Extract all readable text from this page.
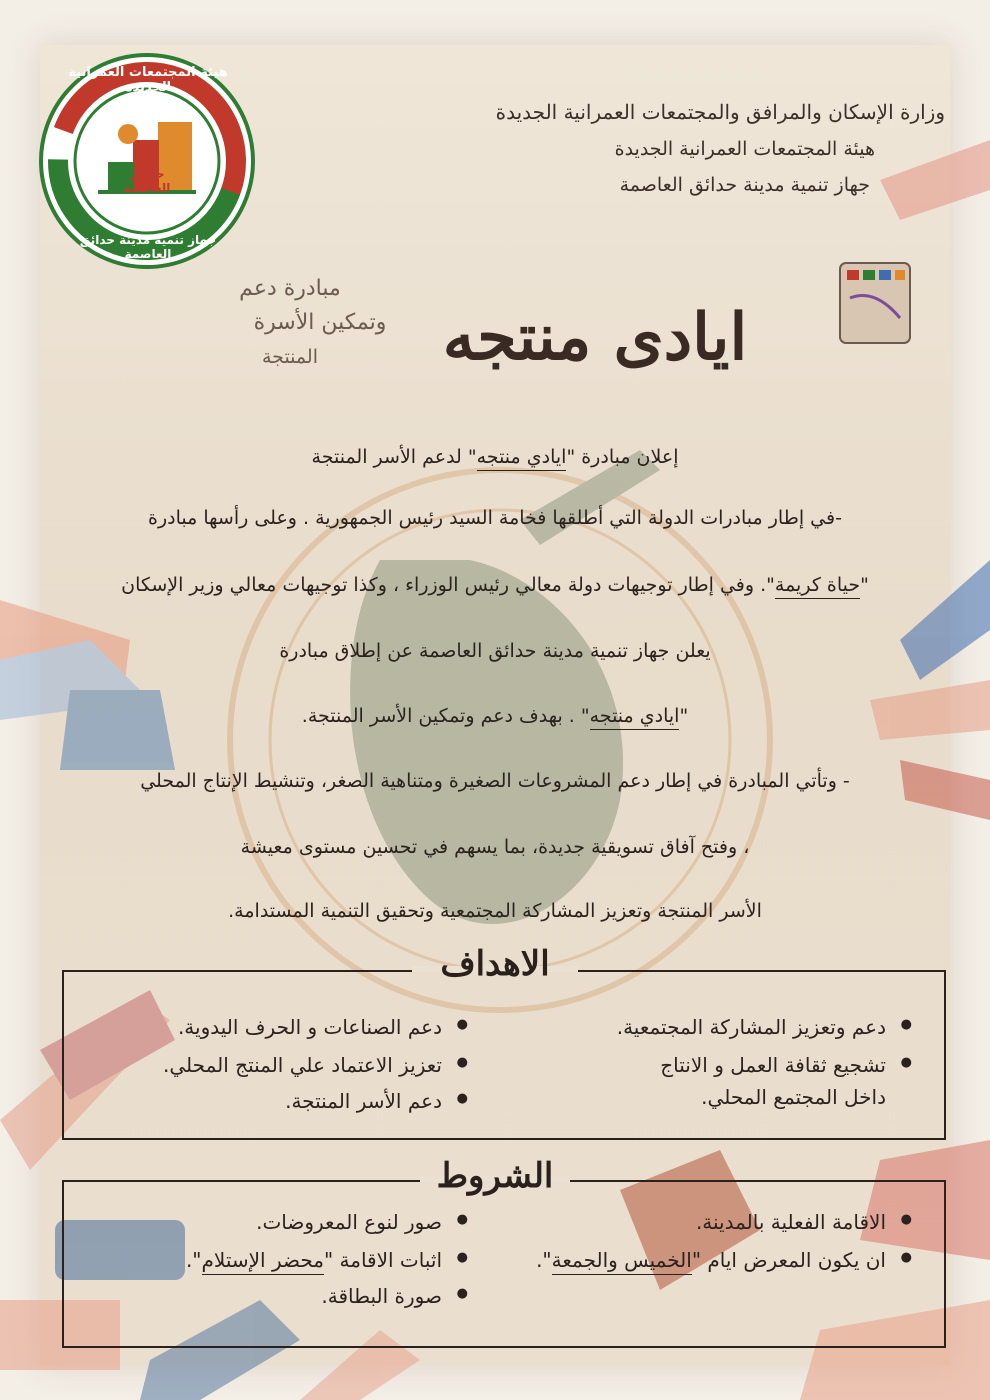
هيئة المجتمعات العمرانية الجديدة
حدائق العاصمة
جهاز تنمية مدينة حدائق العاصمة
وزارة الإسكان والمرافق والمجتمعات العمرانية الجديدة
هيئة المجتمعات العمرانية الجديدة
جهاز تنمية مدينة حدائق العاصمة
مبادرة دعم
وتمكين الأسرة
المنتجة	ايادى منتجه
إعلان مبادرة "ايادي منتجه" لدعم الأسر المنتجة
-في إطار مبادرات الدولة التي أطلقها فخامة السيد رئيس الجمهورية . وعلى رأسها مبادرة
"حياة كريمة". وفي إطار توجيهات دولة معالي رئيس الوزراء ، وكذا توجيهات معالي وزير الإسكان
يعلن جهاز تنمية مدينة حدائق العاصمة عن إطلاق مبادرة
"ايادي منتجه" . بهدف دعم وتمكين الأسر المنتجة.
- وتأتي المبادرة في إطار دعم المشروعات الصغيرة ومتناهية الصغر، وتنشيط الإنتاج المحلي
، وفتح آفاق تسويقية جديدة، بما يسهم في تحسين مستوى معيشة
الأسر المنتجة وتعزيز المشاركة المجتمعية وتحقيق التنمية المستدامة.
الاهداف
● دعم وتعزيز المشاركة المجتمعية.
● تشجيع ثقافة العمل و الانتاج
داخل المجتمع المحلي.
● دعم الصناعات و الحرف اليدوية.
● تعزيز الاعتماد علي المنتج المحلي.
● دعم الأسر المنتجة.
الشروط
● الاقامة الفعلية بالمدينة.
● ان يكون المعرض ايام "الخميس والجمعة".
● صور لنوع المعروضات.
● اثبات الاقامة "محضر الإستلام".
● صورة البطاقة.
